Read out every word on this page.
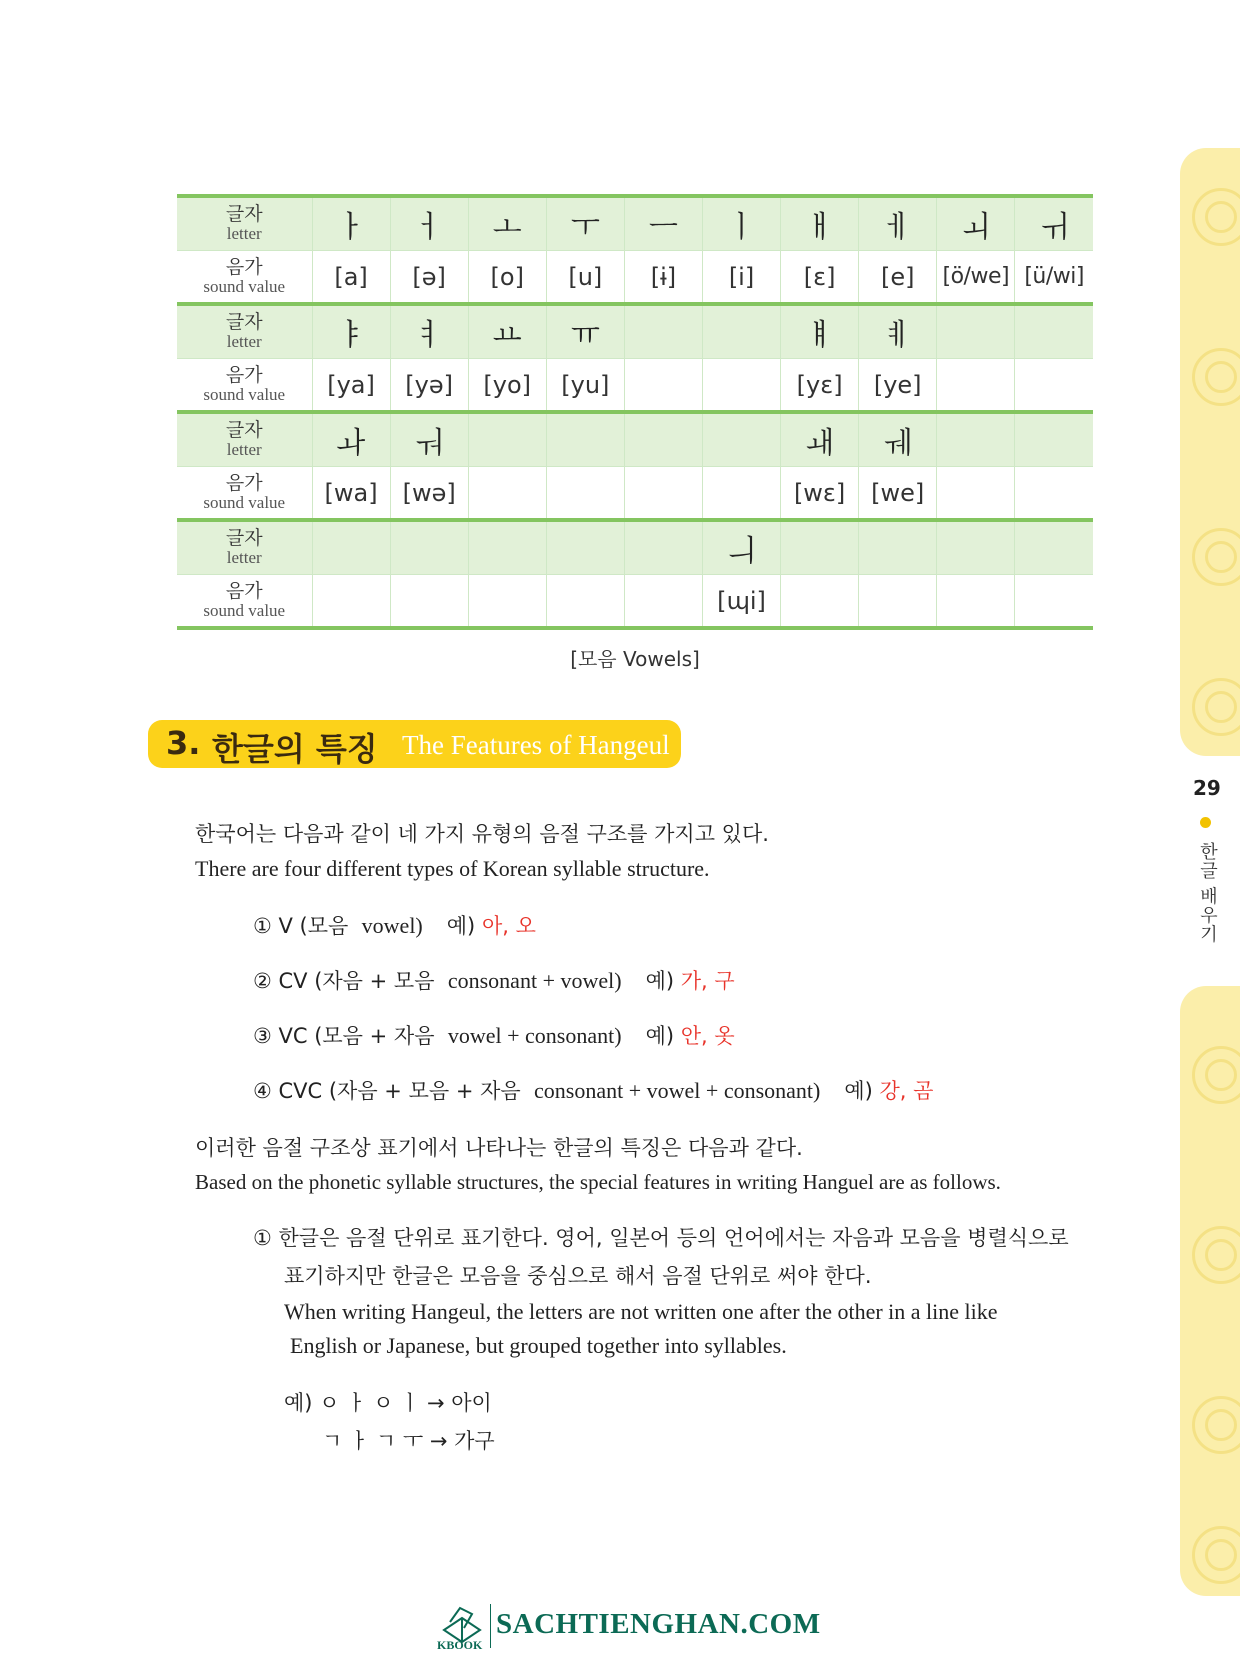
29
한글 배우기
글자
letter	ㅏ	ㅓ	ㅗ	ㅜ	ㅡ	ㅣ	ㅐ	ㅔ	ㅚ	ㅟ

음가
sound value	[a]	[ə]	[o]	[u]	[ɨ]	[i]	[ɛ]	[e]	[ö/we]	[ü/wi]

글자
letter	ㅑ	ㅕ	ㅛ	ㅠ			ㅒ	ㅖ		

음가
sound value	[ya]	[yə]	[yo]	[yu]			[yɛ]	[ye]		

글자
letter	ㅘ	ㅝ					ㅙ	ㅞ		

음가
sound value	[wa]	[wə]					[wɛ]	[we]		

글자
letter						ㅢ				

음가
sound value						[ɰi]				
[모음 Vowels]
3. 한글의 특징 The Features of Hangeul
한국어는 다음과 같이 네 가지 유형의 음절 구조를 가지고 있다.
There are four different types of Korean syllable structure.
① V (모음 vowel) 예) 아, 오
② CV (자음 + 모음 consonant + vowel) 예) 가, 구
③ VC (모음 + 자음 vowel + consonant) 예) 안, 옷
④ CVC (자음 + 모음 + 자음 consonant + vowel + consonant) 예) 강, 곰
이러한 음절 구조상 표기에서 나타나는 한글의 특징은 다음과 같다.
Based on the phonetic syllable structures, the special features in writing Hanguel are as follows.
① 한글은 음절 단위로 표기한다. 영어, 일본어 등의 언어에서는 자음과 모음을 병렬식으로
표기하지만 한글은 모음을 중심으로 해서 음절 단위로 써야 한다.
When writing Hangeul, the letters are not written one after the other in a line like
English or Japanese, but grouped together into syllables.
예) ㅇ ㅏ ㅇ ㅣ → 아이
ㄱ ㅏ ㄱ ㅜ → 가구
KBOOK
SACHTIENGHAN.COM
